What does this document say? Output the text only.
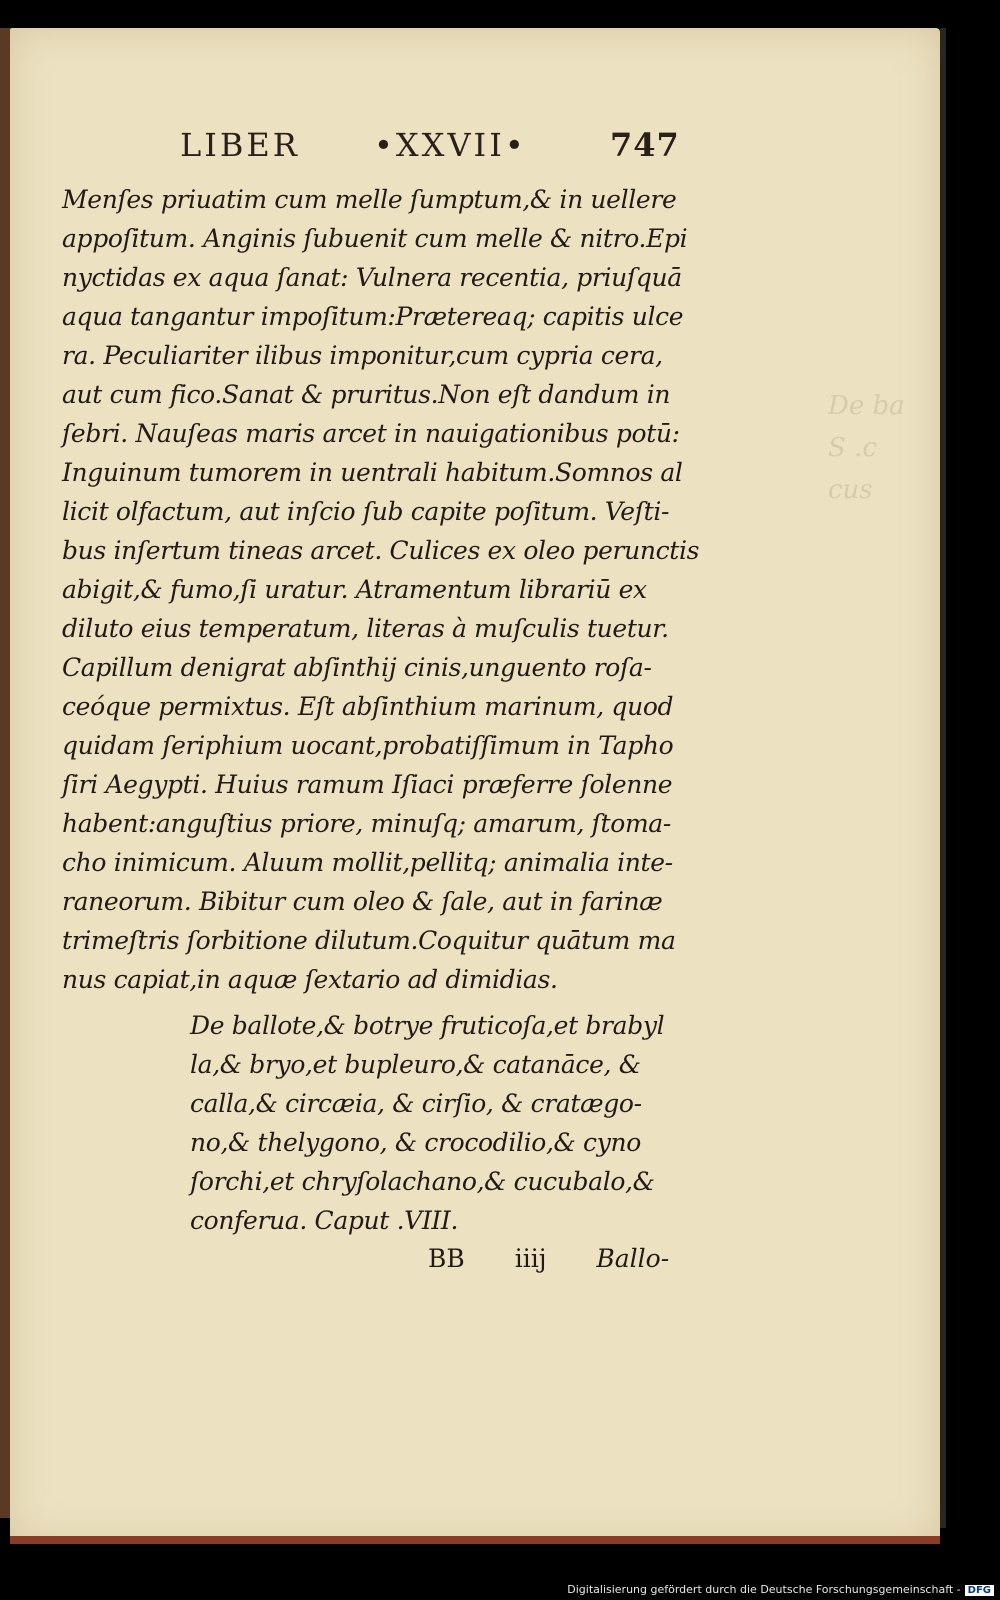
De ba
S .c
cus
LIBER •XXVII•	747
Menſes priuatim cum melle ſumptum,& in uellere
appoſitum. Anginis ſubuenit cum melle & nitro.Epi
nyctidas ex aqua ſanat: Vulnera recentia, priuſquā
aqua tangantur impoſitum:Prætereaq; capitis ulce
ra. Peculiariter ilibus imponitur,cum cypria cera,
aut cum fico.Sanat & pruritus.Non eſt dandum in
ſebri. Nauſeas maris arcet in nauigationibus potū:
Inguinum tumorem in uentrali habitum.Somnos al
licit olfactum, aut inſcio ſub capite poſitum. Veſti-
bus inſertum tineas arcet. Culices ex oleo perunctis
abigit,& fumo,ſi uratur. Atramentum librariū ex
diluto eius temperatum, literas à muſculis tuetur.
Capillum denigrat abſinthij cinis,unguento roſa-
ceóque permixtus. Eſt abſinthium marinum, quod
quidam ſeriphium uocant,probatiſſimum in Tapho
ſiri Aegypti. Huius ramum Iſiaci præferre ſolenne
habent:anguſtius priore, minuſq; amarum, ſtoma-
cho inimicum. Aluum mollit,pellitq; animalia inte-
raneorum. Bibitur cum oleo & ſale, aut in farinæ
trimeſtris ſorbitione dilutum.Coquitur quātum ma
nus capiat,in aquæ ſextario ad dimidias.
De ballote,& botrye fruticoſa,et brabyl
la,& bryo,et bupleuro,& catanāce, &
calla,& circæia, & cirſio, & cratægo-
no,& thelygono, & crocodilio,& cyno
ſorchi,et chryſolachano,& cucubalo,&
conferua. Caput .VIII.
BB iiij Ballo-
Digitalisierung gefördert durch die Deutsche Forschungsgemeinschaft - DFG
